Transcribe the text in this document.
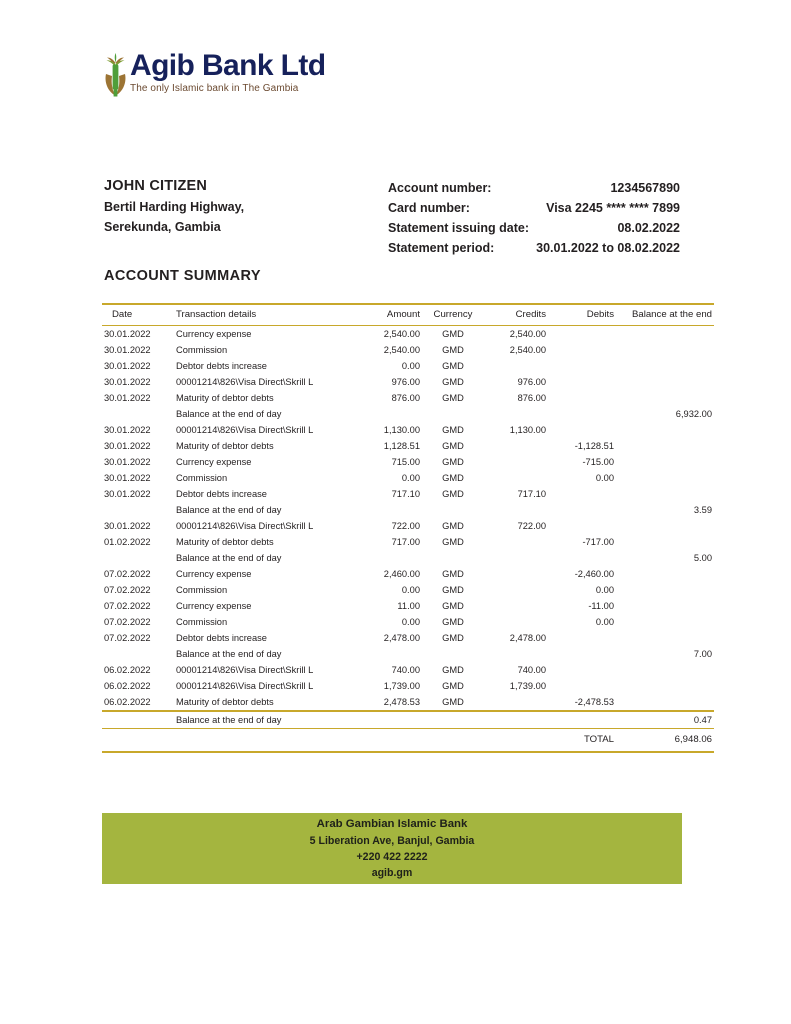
Agib Bank Ltd
The only Islamic bank in The Gambia
JOHN CITIZEN
Bertil Harding Highway,
Serekunda, Gambia
Account number:	1234567890
Card number:	Visa 2245 **** **** 7899
Statement issuing date:	08.02.2022
Statement period:	30.01.2022 to 08.02.2022
ACCOUNT SUMMARY
Date	Transaction details	Amount	Currency	Credits	Debits	Balance at the end
30.01.2022	Currency expense	2,540.00	GMD	2,540.00		
30.01.2022	Commission	2,540.00	GMD	2,540.00		
30.01.2022	Debtor debts increase	0.00	GMD			
30.01.2022	00001214\826\Visa Direct\Skrill L	976.00	GMD	976.00		
30.01.2022	Maturity of debtor debts	876.00	GMD	876.00		
	Balance at the end of day					6,932.00
30.01.2022	00001214\826\Visa Direct\Skrill L	1,130.00	GMD	1,130.00		
30.01.2022	Maturity of debtor debts	1,128.51	GMD		-1,128.51	
30.01.2022	Currency expense	715.00	GMD		-715.00	
30.01.2022	Commission	0.00	GMD		0.00	
30.01.2022	Debtor debts increase	717.10	GMD	717.10		
	Balance at the end of day					3.59
30.01.2022	00001214\826\Visa Direct\Skrill L	722.00	GMD	722.00		
01.02.2022	Maturity of debtor debts	717.00	GMD		-717.00	
	Balance at the end of day					5.00
07.02.2022	Currency expense	2,460.00	GMD		-2,460.00	
07.02.2022	Commission	0.00	GMD		0.00	
07.02.2022	Currency expense	11.00	GMD		-11.00	
07.02.2022	Commission	0.00	GMD		0.00	
07.02.2022	Debtor debts increase	2,478.00	GMD	2,478.00		
	Balance at the end of day					7.00
06.02.2022	00001214\826\Visa Direct\Skrill L	740.00	GMD	740.00		
06.02.2022	00001214\826\Visa Direct\Skrill L	1,739.00	GMD	1,739.00		
06.02.2022	Maturity of debtor debts	2,478.53	GMD		-2,478.53	
	Balance at the end of day					0.47
					TOTAL	6,948.06
Arab Gambian Islamic Bank
5 Liberation Ave, Banjul, Gambia
+220 422 2222
agib.gm
